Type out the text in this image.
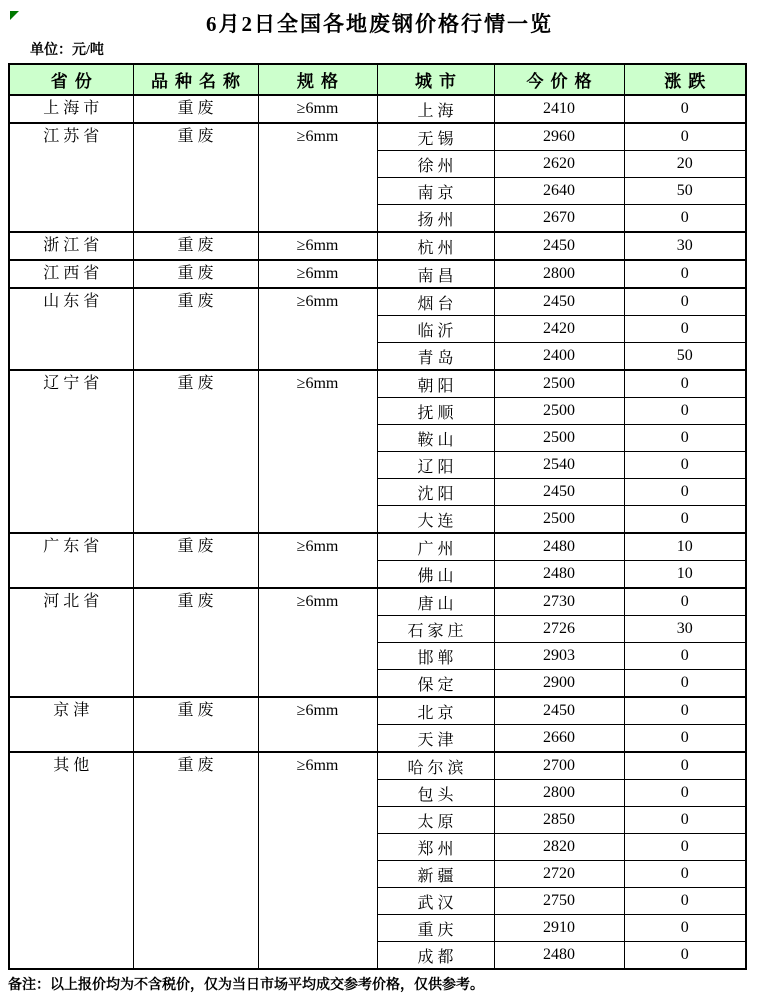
6月2日全国各地废钢价格行情一览
单位：元/吨
省份	品种名称	规格	城市	今价格	涨跌

上海市	重废	≥6mm	上海	2410	0

江苏省	重废	≥6mm	无锡	2960	0
			徐州	2620	20
			南京	2640	50
			扬州	2670	0

浙江省	重废	≥6mm	杭州	2450	30

江西省	重废	≥6mm	南昌	2800	0

山东省	重废	≥6mm	烟台	2450	0
			临沂	2420	0
			青岛	2400	50

辽宁省	重废	≥6mm	朝阳	2500	0
			抚顺	2500	0
			鞍山	2500	0
			辽阳	2540	0
			沈阳	2450	0
			大连	2500	0

广东省	重废	≥6mm	广州	2480	10
			佛山	2480	10

河北省	重废	≥6mm	唐山	2730	0
			石家庄	2726	30
			邯郸	2903	0
			保定	2900	0

京津	重废	≥6mm	北京	2450	0
			天津	2660	0

其他	重废	≥6mm	哈尔滨	2700	0
			包头	2800	0
			太原	2850	0
			郑州	2820	0
			新疆	2720	0
			武汉	2750	0
			重庆	2910	0
			成都	2480	0
备注：以上报价均为不含税价，仅为当日市场平均成交参考价格，仅供参考。
